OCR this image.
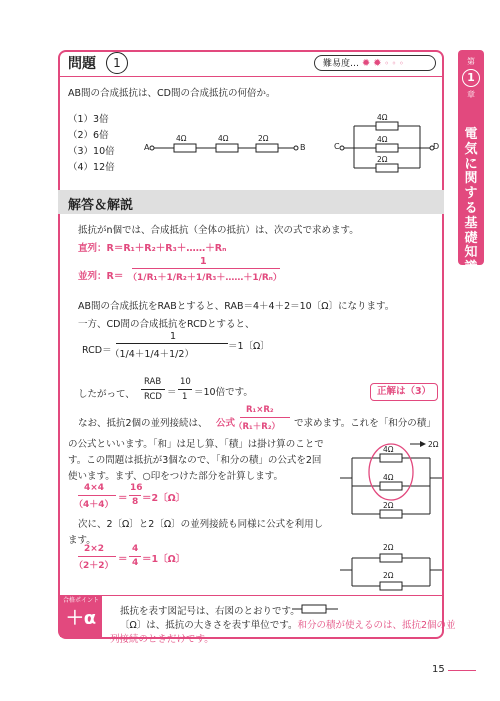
問題	1	難易度… ✹ ✹ ◦ ◦ ◦
AB間の合成抵抗は、CD間の合成抵抗の何倍か。
（1）3倍
（2）6倍
（3）10倍
（4）12倍
A	B
4Ω	4Ω	2Ω
C	D
4Ω
4Ω
2Ω
解答＆解説
抵抗がn個では、合成抵抗（全体の抵抗）は、次の式で求めます。
直列：R＝R₁＋R₂＋R₃＋……＋Rₙ
並列：R＝
1
（1/R₁＋1/R₂＋1/R₃＋……＋1/Rₙ）
AB間の合成抵抗をRABとすると、RAB＝4＋4＋2＝10〔Ω〕になります。
一方、CD間の合成抵抗をRCDとすると、
RCD＝
1
（1/4＋1/4＋1/2）
＝1〔Ω〕
したがって、
RAB
RCD ＝
10
1 ＝10倍です。	正解は（3）
なお、抵抗2個の並列接続は、 公式
R₁×R₂
（R₁＋R₂） で求めます。これを「和分の積」
の公式といいます。「和」は足し算、「積」は掛け算のことで
す。この問題は抵抗が3個なので、「和分の積」の公式を2回
使います。まず、○印をつけた部分を計算します。
4×4
（4＋4）
＝
16
8 ＝2〔Ω〕
次に、2〔Ω〕と2〔Ω〕の並列接続も同様に公式を利用し
ます。
2×2
（2＋2）
＝
4
4 ＝1〔Ω〕
2Ω
4Ω
4Ω
2Ω
2Ω
2Ω
合格ポイント
＋α	抵抗を表す図記号は、右図のとおりです。
〔Ω〕は、抵抗の大きさを表す単位です。和分の積が使えるのは、抵抗2個の並
列接続のときだけです。
第
1
章
電
気
に
関
す
る
基
礎
知
識
15
